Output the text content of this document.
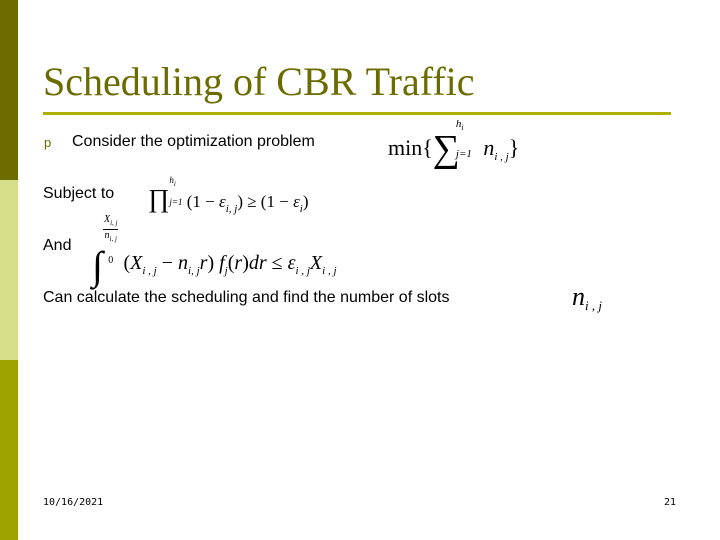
Scheduling of CBR Traffic
p Consider the optimization problem	min{∑
$h_i$
j=1 $n_{i , j}$}
Subject to ∏
$h_i$
j=1 $(1 - \varepsilon_{i, j}) \ge (1 - \varepsilon_i)$
And ∫
$X_{i, j}$
$n_{i, j}$
0 $(X_{i , j} - n_{i, j}r) f_j(r)dr \le \varepsilon_{i , j}X_{i , j}$
Can calculate the scheduling and find the number of slots	$n_{i , j}$
10/16/2021	21
